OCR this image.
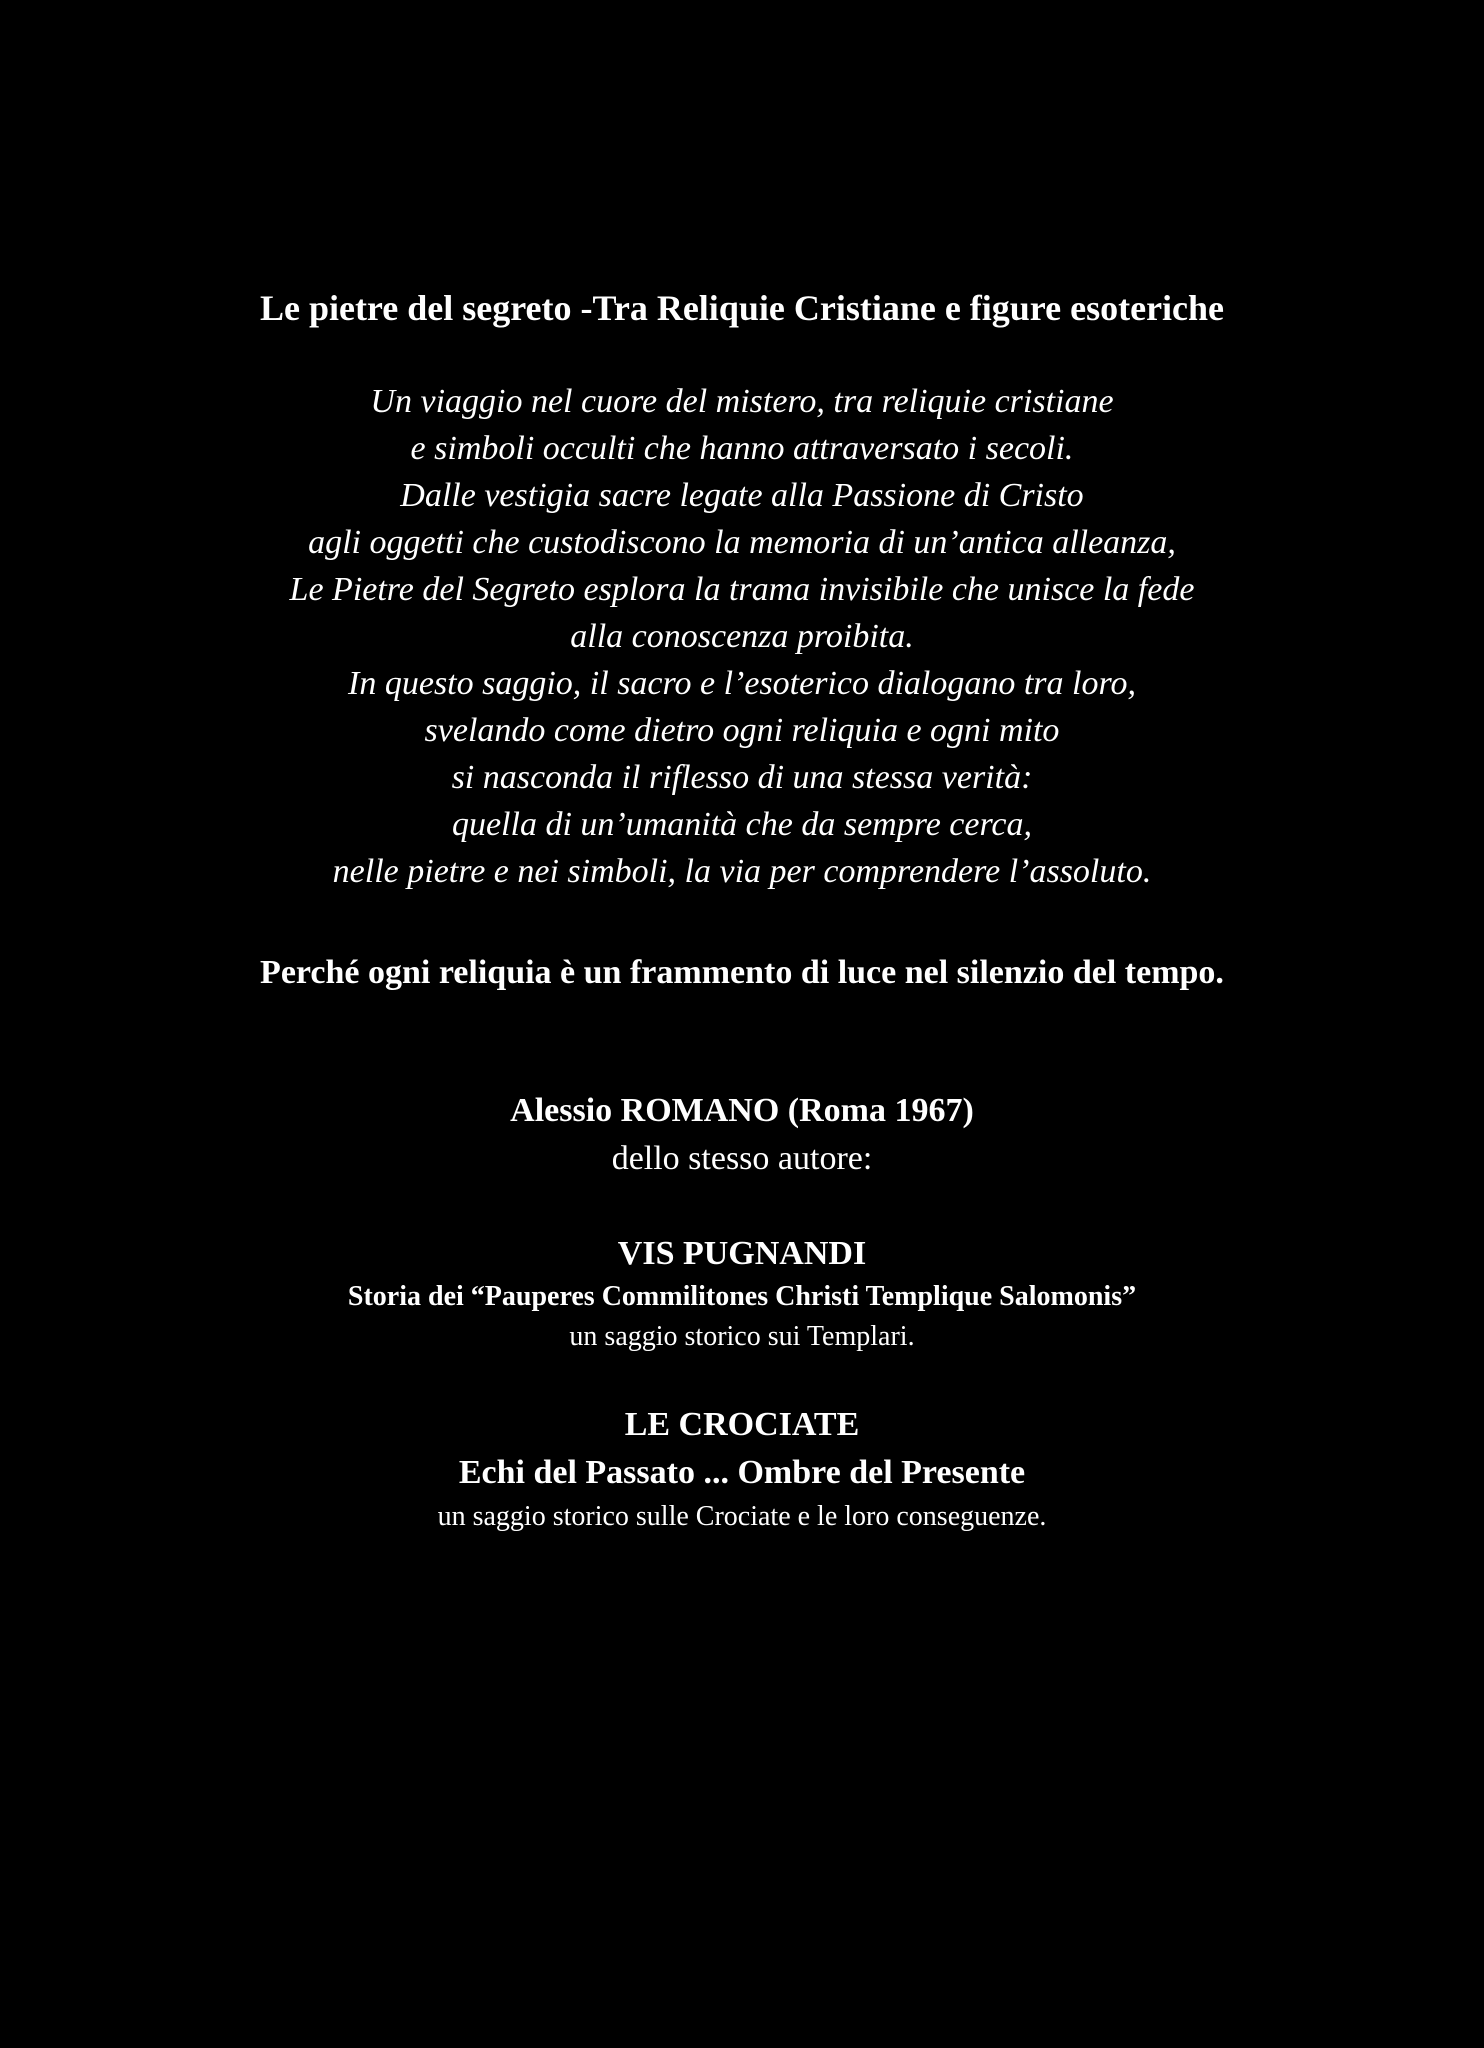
Le pietre del segreto -Tra Reliquie Cristiane e figure esoteriche
Un viaggio nel cuore del mistero, tra reliquie cristiane
e simboli occulti che hanno attraversato i secoli.
Dalle vestigia sacre legate alla Passione di Cristo
agli oggetti che custodiscono la memoria di un’antica alleanza,
Le Pietre del Segreto esplora la trama invisibile che unisce la fede
alla conoscenza proibita.
In questo saggio, il sacro e l’esoterico dialogano tra loro,
svelando come dietro ogni reliquia e ogni mito
si nasconda il riflesso di una stessa verità:
quella di un’umanità che da sempre cerca,
nelle pietre e nei simboli, la via per comprendere l’assoluto.
Perché ogni reliquia è un frammento di luce nel silenzio del tempo.
Alessio ROMANO (Roma 1967)
dello stesso autore:
VIS PUGNANDI
Storia dei “Pauperes Commilitones Christi Templique Salomonis”
un saggio storico sui Templari.
LE CROCIATE
Echi del Passato ... Ombre del Presente
un saggio storico sulle Crociate e le loro conseguenze.
